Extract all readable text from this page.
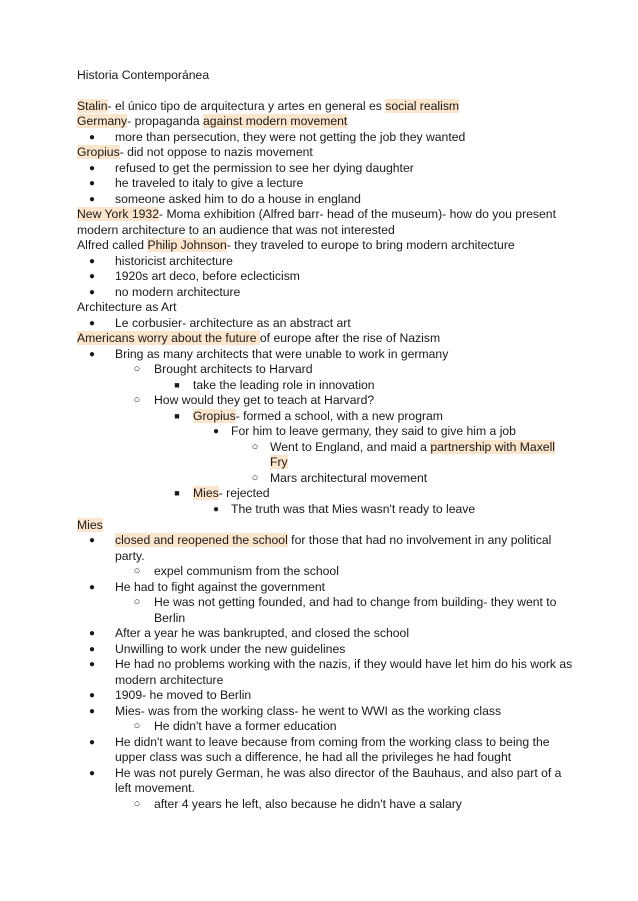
Historia Contemporánea
Stalin- el único tipo de arquitectura y artes en general es social realism
Germany- propaganda against modern movement
● more than persecution, they were not getting the job they wanted
Gropius- did not oppose to nazis movement
● refused to get the permission to see her dying daughter
● he traveled to italy to give a lecture
● someone asked him to do a house in england
New York 1932- Moma exhibition (Alfred barr- head of the museum)- how do you present
modern architecture to an audience that was not interested
Alfred called Philip Johnson- they traveled to europe to bring modern architecture
● historicist architecture
● 1920s art deco, before eclecticism
● no modern architecture
Architecture as Art
● Le corbusier- architecture as an abstract art
Americans worry about the future of europe after the rise of Nazism
● Bring as many architects that were unable to work in germany
○ Brought architects to Harvard
■ take the leading role in innovation
○ How would they get to teach at Harvard?
■ Gropius- formed a school, with a new program
● For him to leave germany, they said to give him a job
○ Went to England, and maid a partnership with Maxell
Fry
○ Mars architectural movement
■ Mies- rejected
● The truth was that Mies wasn't ready to leave
Mies
● closed and reopened the school for those that had no involvement in any political
party.
○ expel communism from the school
● He had to fight against the government
○ He was not getting founded, and had to change from building- they went to
Berlin
● After a year he was bankrupted, and closed the school
● Unwilling to work under the new guidelines
● He had no problems working with the nazis, if they would have let him do his work as
modern architecture
● 1909- he moved to Berlin
● Mies- was from the working class- he went to WWI as the working class
○ He didn't have a former education
● He didn't want to leave because from coming from the working class to being the
upper class was such a difference, he had all the privileges he had fought
● He was not purely German, he was also director of the Bauhaus, and also part of a
left movement.
○ after 4 years he left, also because he didn't have a salary
